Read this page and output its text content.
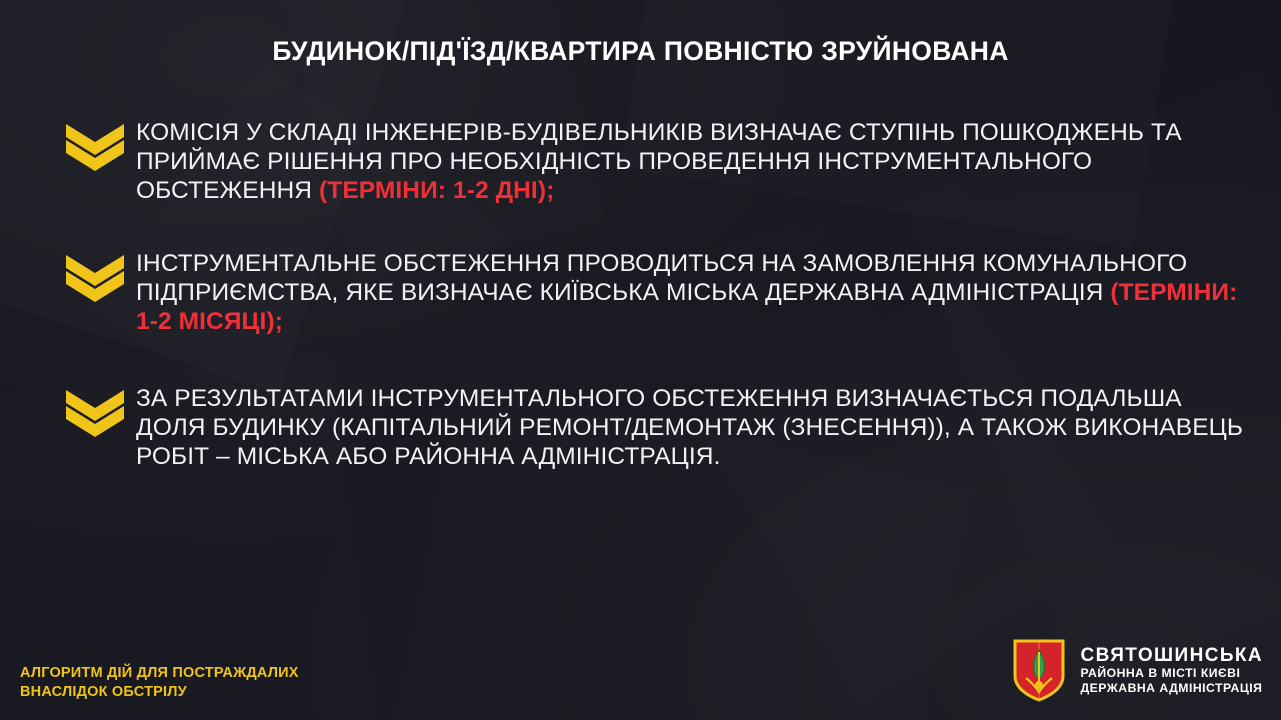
БУДИНОК/ПІД'ЇЗД/КВАРТИРА ПОВНІСТЮ ЗРУЙНОВАНА
КОМІСІЯ У СКЛАДІ ІНЖЕНЕРІВ-БУДІВЕЛЬНИКІВ ВИЗНАЧАЄ СТУПІНЬ ПОШКОДЖЕНЬ ТА ПРИЙМАЄ РІШЕННЯ ПРО НЕОБХІДНІСТЬ ПРОВЕДЕННЯ ІНСТРУМЕНТАЛЬНОГО ОБСТЕЖЕННЯ (ТЕРМІНИ: 1-2 ДНІ);
ІНСТРУМЕНТАЛЬНЕ ОБСТЕЖЕННЯ ПРОВОДИТЬСЯ НА ЗАМОВЛЕННЯ КОМУНАЛЬНОГО ПІДПРИЄМСТВА, ЯКЕ ВИЗНАЧАЄ КИЇВСЬКА МІСЬКА ДЕРЖАВНА АДМІНІСТРАЦІЯ (ТЕРМІНИ: 1-2 МІСЯЦІ);
ЗА РЕЗУЛЬТАТАМИ ІНСТРУМЕНТАЛЬНОГО ОБСТЕЖЕННЯ ВИЗНАЧАЄТЬСЯ ПОДАЛЬША ДОЛЯ БУДИНКУ (КАПІТАЛЬНИЙ РЕМОНТ/ДЕМОНТАЖ (ЗНЕСЕННЯ)), А ТАКОЖ ВИКОНАВЕЦЬ РОБІТ – МІСЬКА АБО РАЙОННА АДМІНІСТРАЦІЯ.
АЛГОРИТМ ДІЙ ДЛЯ ПОСТРАЖДАЛИХ
ВНАСЛІДОК ОБСТРІЛУ
СВЯТОШИНСЬКА
РАЙОННА В МІСТІ КИЄВІ
ДЕРЖАВНА АДМІНІСТРАЦІЯ
